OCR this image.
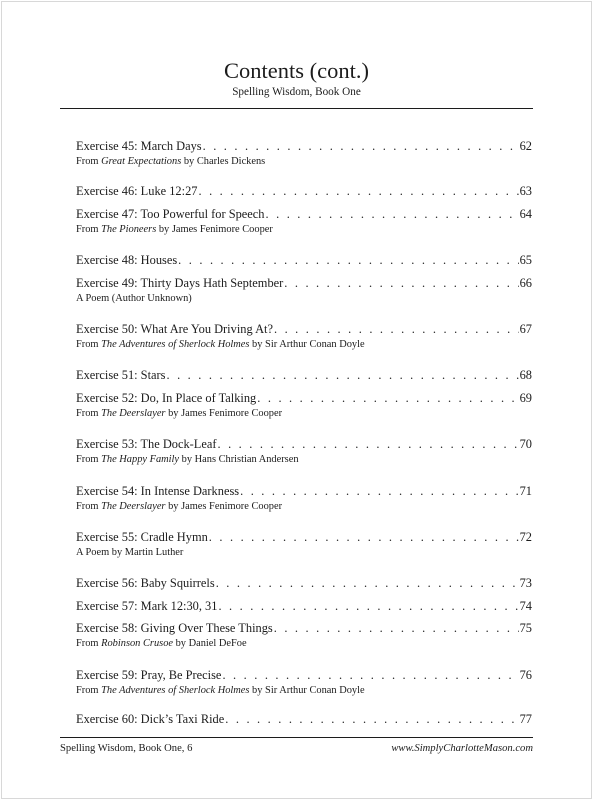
Contents (cont.)
Spelling Wisdom, Book One
Exercise 45: March Days . . .	62
From Great Expectations by Charles Dickens
Exercise 46: Luke 12:27 . . .	63
Exercise 47: Too Powerful for Speech . . .	64
From The Pioneers by James Fenimore Cooper
Exercise 48: Houses . . .	65
Exercise 49: Thirty Days Hath September . . .	66
A Poem (Author Unknown)
Exercise 50: What Are You Driving At? . . .	67
From The Adventures of Sherlock Holmes by Sir Arthur Conan Doyle
Exercise 51: Stars . . .	68
Exercise 52: Do, In Place of Talking . . .	69
From The Deerslayer by James Fenimore Cooper
Exercise 53: The Dock-Leaf . . .	70
From The Happy Family by Hans Christian Andersen
Exercise 54: In Intense Darkness . . .	71
From The Deerslayer by James Fenimore Cooper
Exercise 55: Cradle Hymn . . .	72
A Poem by Martin Luther
Exercise 56: Baby Squirrels . . .	73
Exercise 57: Mark 12:30, 31 . . .	74
Exercise 58: Giving Over These Things . . .	75
From Robinson Crusoe by Daniel DeFoe
Exercise 59: Pray, Be Precise . . .	76
From The Adventures of Sherlock Holmes by Sir Arthur Conan Doyle
Exercise 60: Dick’s Taxi Ride . . .	77
Spelling Wisdom, Book One, 6	www.SimplyCharlotteMason.com
